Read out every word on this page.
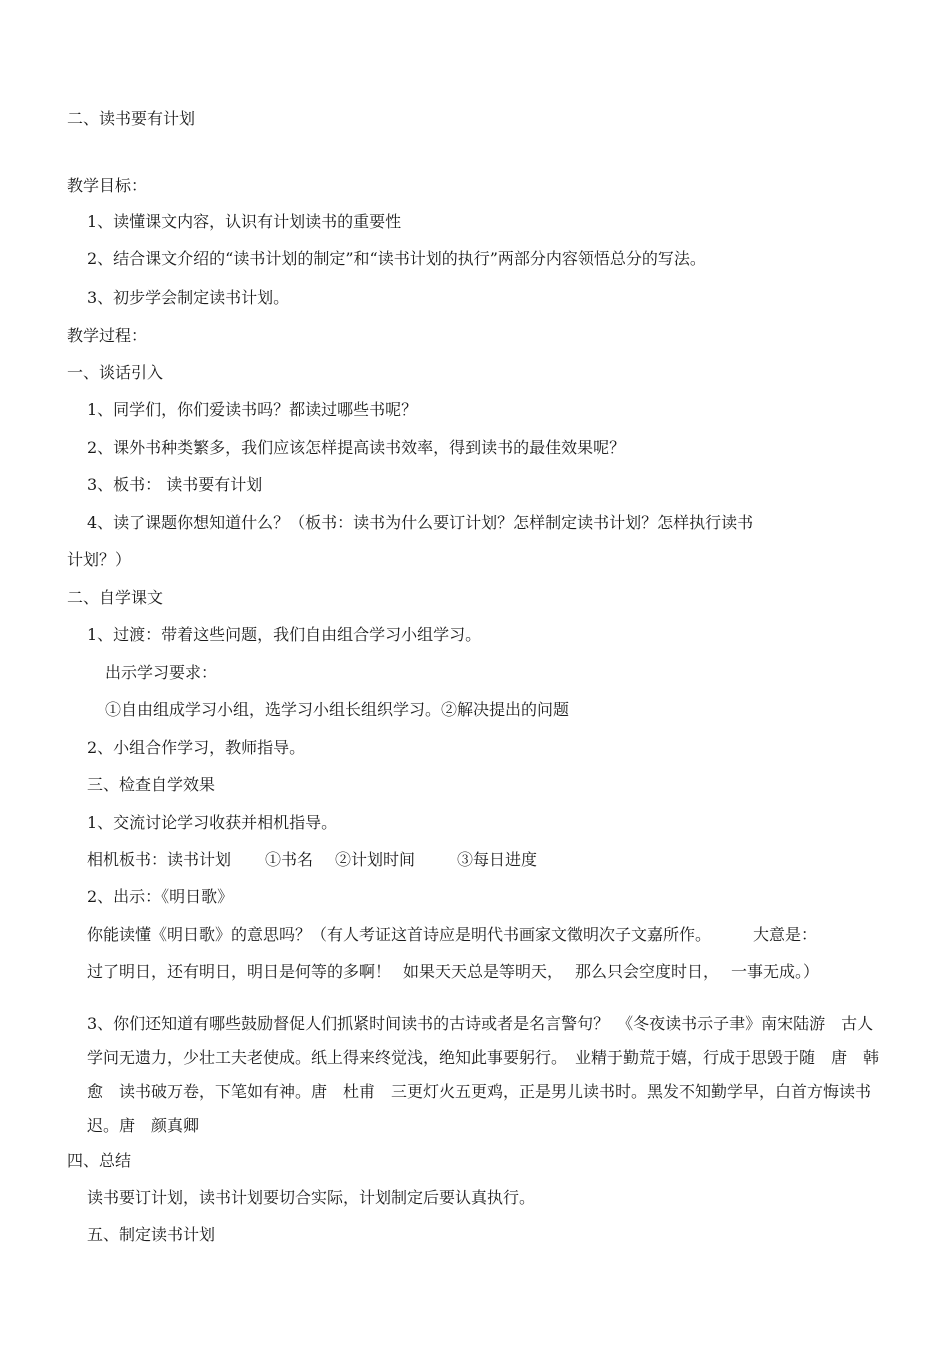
二、读书要有计划
教学目标：
1、读懂课文内容，认识有计划读书的重要性
2、结合课文介绍的“读书计划的制定”和“读书计划的执行”两部分内容领悟总分的写法。
3、初步学会制定读书计划。
教学过程：
一、谈话引入
1、同学们，你们爱读书吗？都读过哪些书呢？
2、课外书种类繁多，我们应该怎样提高读书效率，得到读书的最佳效果呢？
3、板书： 读书要有计划
4、读了课题你想知道什么？（板书：读书为什么要订计划？怎样制定读书计划？怎样执行读书
计划？）
二、自学课文
1、过渡：带着这些问题，我们自由组合学习小组学习。
出示学习要求：
①自由组成学习小组，选学习小组长组织学习。②解决提出的问题
2、小组合作学习，教师指导。
三、检查自学效果
1、交流讨论学习收获并相机指导。
相机板书：读书计划 ①书名 ②计划时间	③每日进度
2、出示：《明日歌》
你能读懂《明日歌》的意思吗？（有人考证这首诗应是明代书画家文徵明次子文嘉所作。	大意是：
过了明日，还有明日，明日是何等的多啊！ 如果天天总是等明天， 那么只会空度时日， 一事无成。）
3、你们还知道有哪些鼓励督促人们抓紧时间读书的古诗或者是名言警句？　《冬夜读书示子聿》南宋陆游　古人学问无遗力，少壮工夫老使成。纸上得来终觉浅，绝知此事要躬行。　业精于勤荒于嬉，行成于思毁于随　唐　韩愈　读书破万卷，下笔如有神。唐　杜甫　三更灯火五更鸡，正是男儿读书时。黑发不知勤学早，白首方悔读书迟。唐　颜真卿
四、总结
读书要订计划，读书计划要切合实际，计划制定后要认真执行。
五、制定读书计划
